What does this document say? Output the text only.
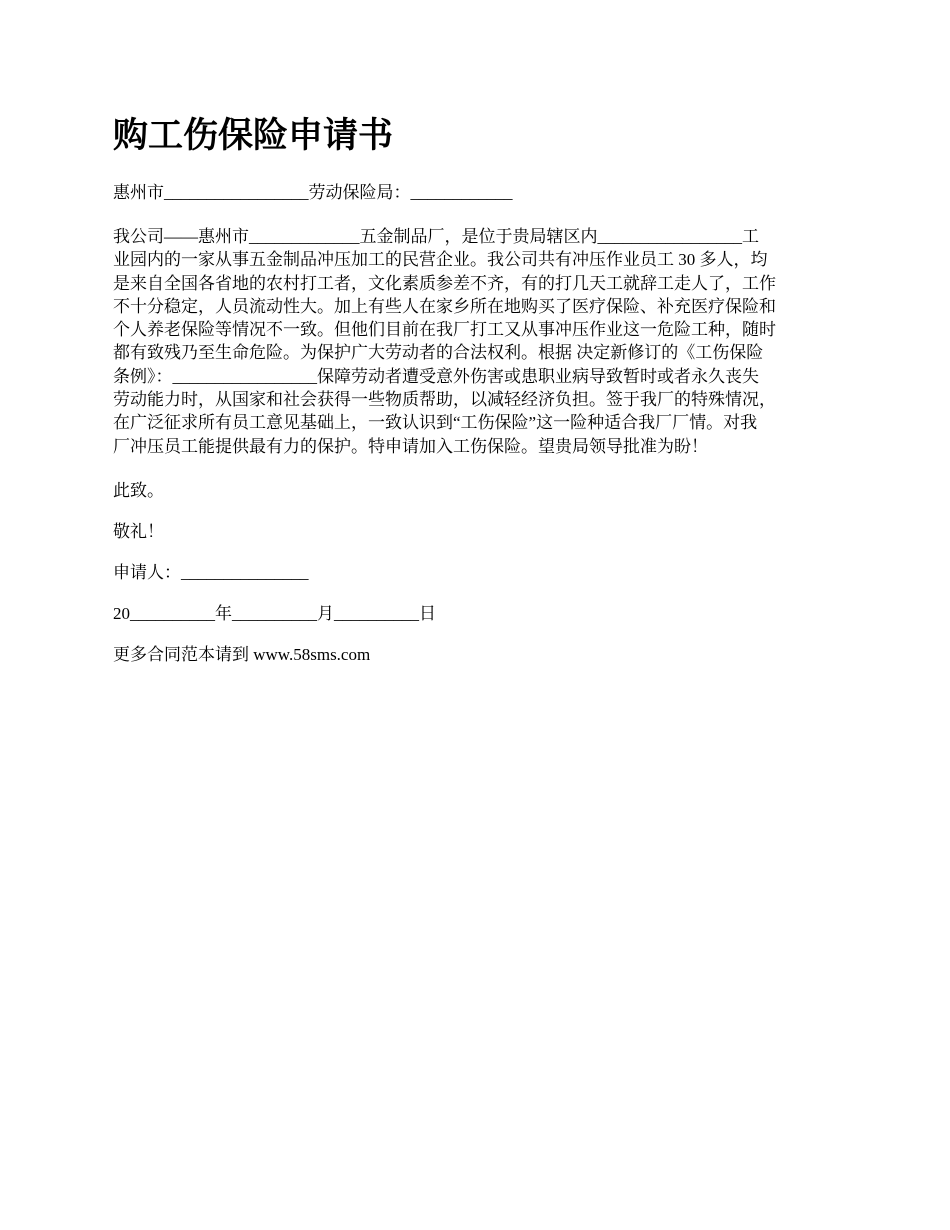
购工伤保险申请书

惠州市_________________劳动保险局：____________

我公司——惠州市_____________五金制品厂，是位于贵局辖区内_________________工

业园内的一家从事五金制品冲压加工的民营企业。我公司共有冲压作业员工 30 多人，均

是来自全国各省地的农村打工者，文化素质参差不齐，有的打几天工就辞工走人了，工作

不十分稳定，人员流动性大。加上有些人在家乡所在地购买了医疗保险、补充医疗保险和

个人养老保险等情况不一致。但他们目前在我厂打工又从事冲压作业这一危险工种，随时

都有致残乃至生命危险。为保护广大劳动者的合法权利。根据 决定新修订的《工伤保险

条例》：_________________保障劳动者遭受意外伤害或患职业病导致暂时或者永久丧失

劳动能力时，从国家和社会获得一些物质帮助，以减轻经济负担。签于我厂的特殊情况，

在广泛征求所有员工意见基础上，一致认识到“工伤保险”这一险种适合我厂厂情。对我

厂冲压员工能提供最有力的保护。特申请加入工伤保险。望贵局领导批准为盼！

此致。

敬礼！

申请人：_______________

20__________年__________月__________日

更多合同范本请到 www.58sms.com
